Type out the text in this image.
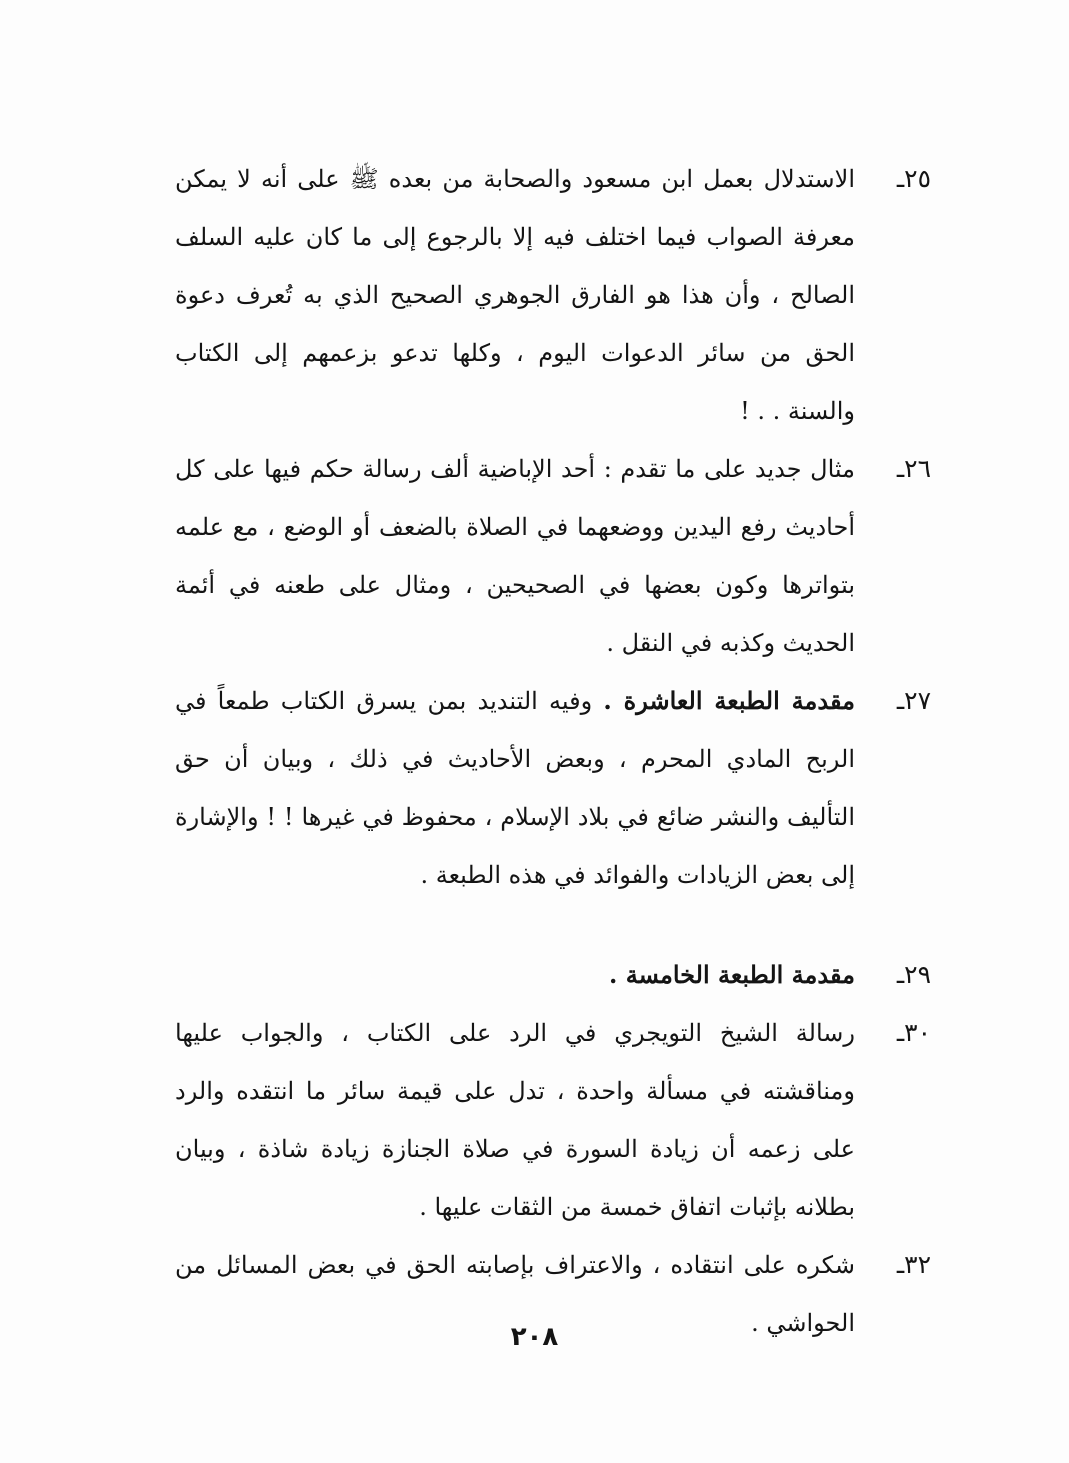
٢٥ـ
الاستدلال بعمل ابن مسعود والصحابة من بعده ﷺ على أنه لا يمكن معرفة الصواب فيما اختلف فيه إلا بالرجوع إلى ما كان عليه السلف الصالح ، وأن هذا هو الفارق الجوهري الصحيح الذي به تُعرف دعوة الحق من سائر الدعوات اليوم ، وكلها تدعو بزعمهم إلى الكتاب والسنة . . !
٢٦ـ
مثال جديد على ما تقدم : أحد الإباضية ألف رسالة حكم فيها على كل أحاديث رفع اليدين ووضعهما في الصلاة بالضعف أو الوضع ، مع علمه بتواترها وكون بعضها في الصحيحين ، ومثال على طعنه في أئمة الحديث وكذبه في النقل .
٢٧ـ
مقدمة الطبعة العاشرة . وفيه التنديد بمن يسرق الكتاب طمعاً في الربح المادي المحرم ، وبعض الأحاديث في ذلك ، وبيان أن حق التأليف والنشر ضائع في بلاد الإسلام ، محفوظ في غيرها ! ! والإشارة إلى بعض الزيادات والفوائد في هذه الطبعة .
٢٩ـ
مقدمة الطبعة الخامسة .
٣٠ـ
رسالة الشيخ التويجري في الرد على الكتاب ، والجواب عليها ومناقشته في مسألة واحدة ، تدل على قيمة سائر ما انتقده والرد على زعمه أن زيادة السورة في صلاة الجنازة زيادة شاذة ، وبيان بطلانه بإثبات اتفاق خمسة من الثقات عليها .
٣٢ـ
شكره على انتقاده ، والاعتراف بإصابته الحق في بعض المسائل من الحواشي .
٢٠٨
